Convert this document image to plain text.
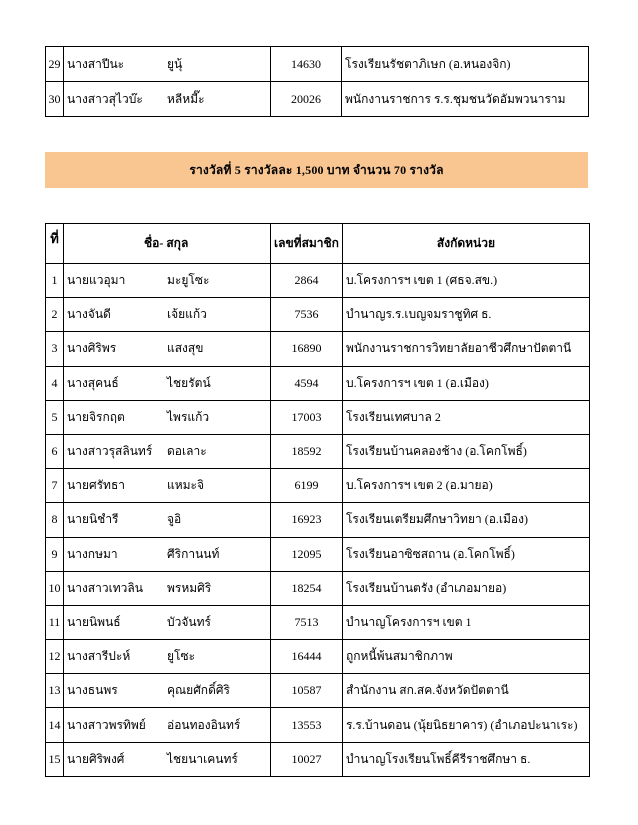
29	นางสาปีนะ	ยูนุ้	14630	โรงเรียนรัชตาภิเษก (อ.หนองจิก)
30	นางสาวสุไวบ๊ะ	หลีหมี๊ะ	20026	พนักงานราชการ ร.ร.ชุมชนวัดอัมพวนาราม
รางวัลที่ 5 รางวัลละ 1,500 บาท จำนวน 70 รางวัล
ที่	ชื่อ- สกุล		เลขที่สมาชิก	สังกัดหน่วย
1	นายแวอุมา	มะยูโซะ	2864	บ.โครงการฯ เขต 1 (ศธจ.สข.)
2	นางจันดี	เจ้ยแก้ว	7536	บำนาญร.ร.เบญจมราชูทิศ ธ.
3	นางศิริพร	แสงสุข	16890	พนักงานราชการวิทยาลัยอาชีวศึกษาปัตตานี
4	นางสุคนธ์	ไชยรัตน์	4594	บ.โครงการฯ เขต 1 (อ.เมือง)
5	นายจิรกฤต	ไพรแก้ว	17003	โรงเรียนเทศบาล 2
6	นางสาวรุสลินทร์	ดอเลาะ	18592	โรงเรียนบ้านคลองช้าง (อ.โคกโพธิ์)
7	นายศรัทธา	แหมะจิ	6199	บ.โครงการฯ เขต 2 (อ.มายอ)
8	นายนิชำรี	จูอิ	16923	โรงเรียนเตรียมศึกษาวิทยา (อ.เมือง)
9	นางกษมา	ศีริกานนท์	12095	โรงเรียนอาซิซสถาน (อ.โคกโพธิ์)
10	นางสาวเทวลิน	พรหมศิริ	18254	โรงเรียนบ้านตรัง (อำเภอมายอ)
11	นายนิพนธ์	บัวจันทร์	7513	บำนาญโครงการฯ เขต 1
12	นางสารีปะห์	ยูโซะ	16444	ถูกหนี้พ้นสมาชิกภาพ
13	นางธนพร	คุณยศักดิ์ศิริ	10587	สำนักงาน สก.สค.จังหวัดปัตตานี
14	นางสาวพรทิพย์	อ่อนทองอินทร์	13553	ร.ร.บ้านดอน (นุ้ยนิธยาคาร) (อำเภอปะนาเระ)
15	นายศิริพงศ์	ไชยนาเคนทร์	10027	บำนาญโรงเรียนโพธิ์คีรีราชศึกษา ธ.
